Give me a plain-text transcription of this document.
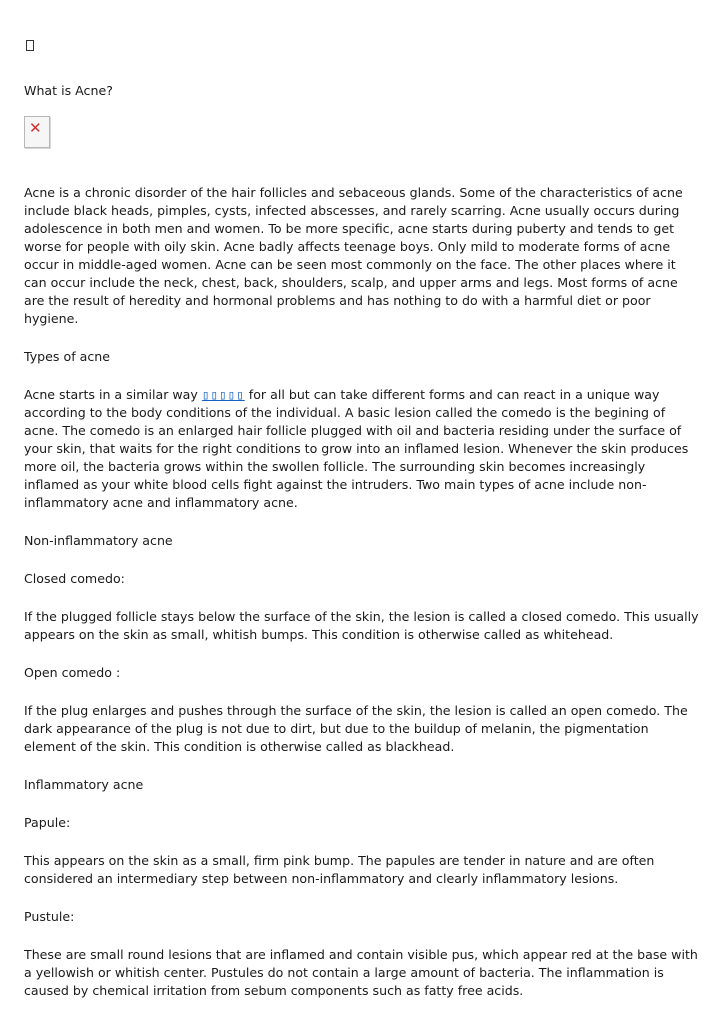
What is Acne?

✕

Acne is a chronic disorder of the hair follicles and sebaceous glands. Some of the characteristics of acne include black heads, pimples, cysts, infected abscesses, and rarely scarring. Acne usually occurs during adolescence in both men and women. To be more specific, acne starts during puberty and tends to get worse for people with oily skin. Acne badly affects teenage boys. Only mild to moderate forms of acne occur in middle-aged women. Acne can be seen most commonly on the face. The other places where it can occur include the neck, chest, back, shoulders, scalp, and upper arms and legs. Most forms of acne are the result of heredity and hormonal problems and has nothing to do with a harmful diet or poor hygiene.

Types of acne

Acne starts in a similar way ▯▯▯▯▯ for all but can take different forms and can react in a unique way according to the body conditions of the individual. A basic lesion called the comedo is the begining of acne. The comedo is an enlarged hair follicle plugged with oil and bacteria residing under the surface of your skin, that waits for the right conditions to grow into an inflamed lesion. Whenever the skin produces more oil, the bacteria grows within the swollen follicle. The surrounding skin becomes increasingly inflamed as your white blood cells fight against the intruders. Two main types of acne include non-inflammatory acne and inflammatory acne.

Non-inflammatory acne

Closed comedo:

If the plugged follicle stays below the surface of the skin, the lesion is called a closed comedo. This usually appears on the skin as small, whitish bumps. This condition is otherwise called as whitehead.

Open comedo :

If the plug enlarges and pushes through the surface of the skin, the lesion is called an open comedo. The dark appearance of the plug is not due to dirt, but due to the buildup of melanin, the pigmentation element of the skin. This condition is otherwise called as blackhead.

Inflammatory acne

Papule:

This appears on the skin as a small, firm pink bump. The papules are tender in nature and are often considered an intermediary step between non-inflammatory and clearly inflammatory lesions.

Pustule:

These are small round lesions that are inflamed and contain visible pus, which appear red at the base with a yellowish or whitish center. Pustules do not contain a large amount of bacteria. The inflammation is caused by chemical irritation from sebum components such as fatty free acids.
